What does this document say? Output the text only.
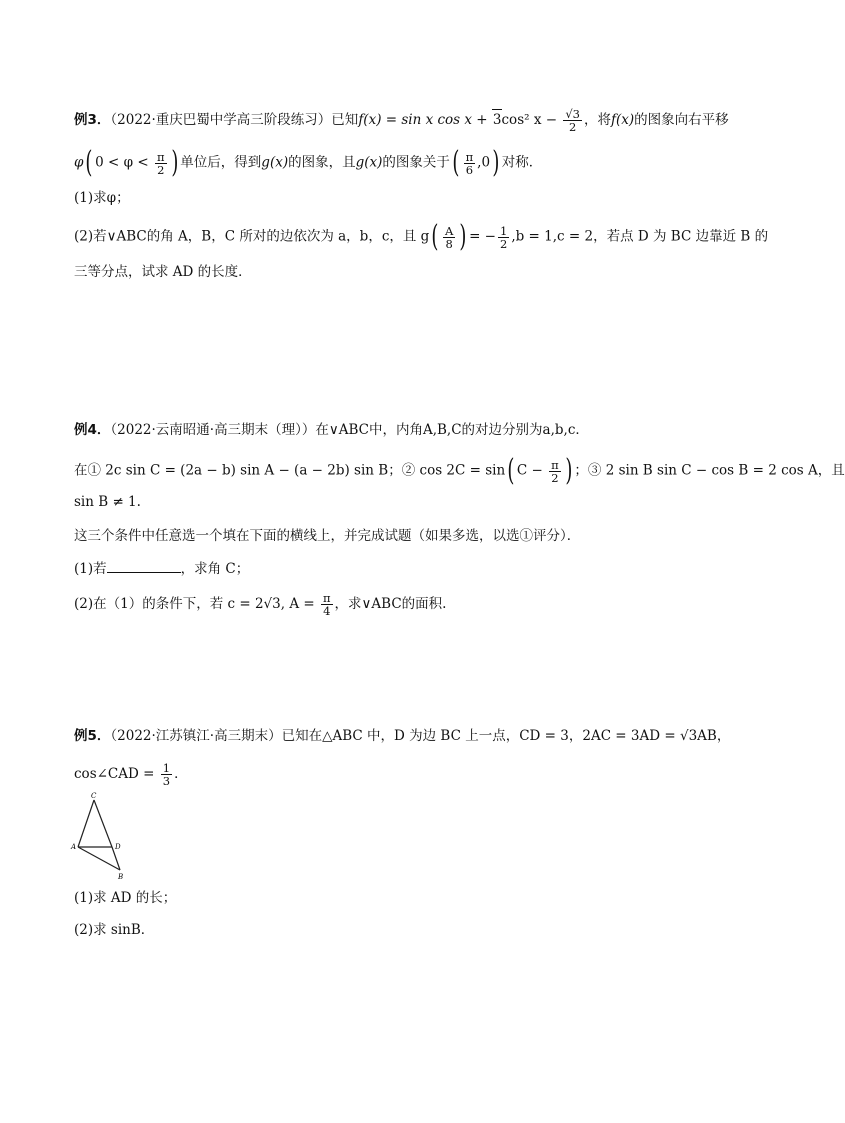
例3．（2022·重庆巴蜀中学高三阶段练习）已知f(x) = sin x cos x + 3cos² $x - \frac{√3}{2}$ ，将f(x)的图象向右平移
φ( $0 < \varphi < \frac{\pi}{2}$ ) 单位后，得到g(x)的图象，且g(x)的图象关于( $\frac{\pi}{6} ,0$) 对称．
(1)求φ；
(2)若∨ABC的角 A，B，C 所对的边依次为 a，b，c，且 $g( \frac{A}{8}$ ) = − $\frac{1}{2} ,b = 1,c = 2$，若点 D 为 BC 边靠近 B 的
三等分点，试求 AD 的长度．
例4．（2022·云南昭通·高三期末（理））在∨ABC中，内角A,B,C的对边分别为a,b,c．
在① 2c sin C = (2a − b) sin A − (a − 2b) sin B；② cos 2C = sin( $C - \frac{\pi}{2}$ ) ；③ 2 sin B sin C − cos B = 2 cos A，且
sin B ≠ 1.
这三个条件中任意选一个填在下面的横线上，并完成试题（如果多选，以选①评分）．
(1)若	，求角 C；
(2)在（1）的条件下，若 c = 2√3, $A = \frac{\pi}{4}$ ，求∨ABC的面积.
例5．（2022·江苏镇江·高三期末）已知在△ABC 中，D 为边 BC 上一点，CD = 3，2AC = 3AD = √3AB，
cos∠CAD = $\frac{1}{3}$ ．
C
A	D
B
(1)求 AD 的长；
(2)求 sinB．
